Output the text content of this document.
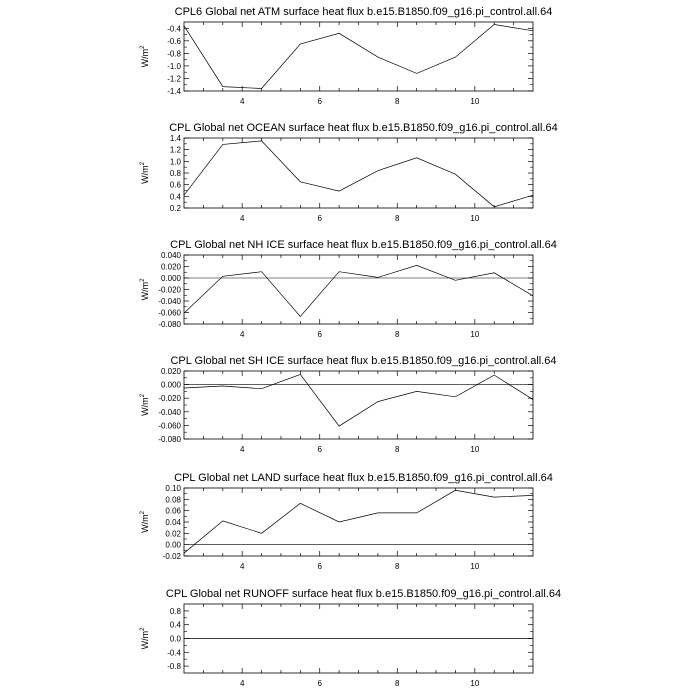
CPL6 Global net ATM surface heat flux b.e15.B1850.f09_g16.pi_control.all.64
4	6	8	10
-0.4
-0.6
-0.8
-1.0
-1.2
-1.4
$W/m^2$
CPL Global net OCEAN surface heat flux b.e15.B1850.f09_g16.pi_control.all.64
4	6	8	10
1.4
1.2
1.0
0.8
0.6
0.4
0.2
$W/m^2$
CPL Global net NH ICE surface heat flux b.e15.B1850.f09_g16.pi_control.all.64
4	6	8	10
0.040
0.020
0.000
-0.020
-0.040
-0.060
-0.080
$W/m^2$
CPL Global net SH ICE surface heat flux b.e15.B1850.f09_g16.pi_control.all.64
4	6	8	10
0.020
0.000
-0.020
-0.040
-0.060
-0.080
$W/m^2$
CPL Global net LAND surface heat flux b.e15.B1850.f09_g16.pi_control.all.64
4	6	8	10
0.10
0.08
0.06
0.04
0.02
0.00
-0.02
$W/m^2$
CPL Global net RUNOFF surface heat flux b.e15.B1850.f09_g16.pi_control.all.64
4	6	8	10
0.8
0.4
0.0
-0.4
-0.8
$W/m^2$
